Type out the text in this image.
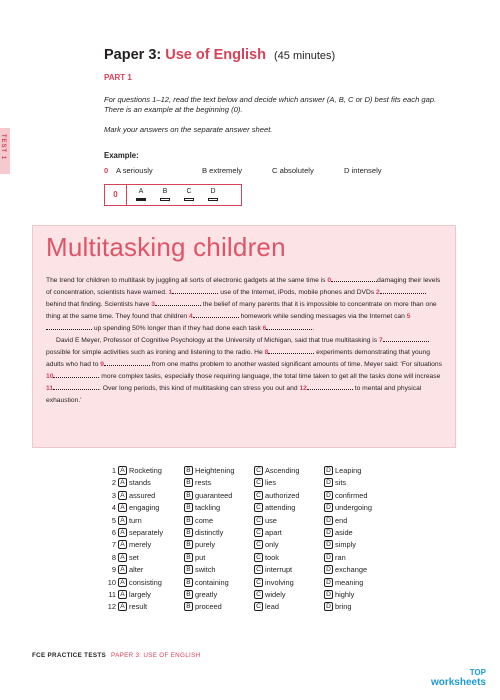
TEST 1
Paper 3: Use of English (45 minutes)
PART 1
For questions 1–12, read the text below and decide which answer (A, B, C or D) best fits each gap. There is an example at the beginning (0).
Mark your answers on the separate answer sheet.
Example:
0	A seriously	B extremely	C absolutely	D intensely
0	A	B	C	D
Multitasking children

The trend for children to multitask by juggling all sorts of electronic gadgets at the same time is 0	damaging their levels of concentration, scientists have warned. 1	use of the Internet, iPods, mobile phones and DVDs 2 behind that finding. Scientists have 3	the belief of many parents that it is impossible to concentrate on more than one thing at the same time. They found that children 4	homework while sending messages via the Internet can 5 up spending 50% longer than if they had done each task 6	.

David E Meyer, Professor of Cognitive Psychology at the University of Michigan, said that true multitasking is 7 possible for simple activities such as ironing and listening to the radio. He 8	experiments demonstrating that young adults who had to 9	from one maths problem to another wasted significant amounts of time. Meyer said: 'For situations 10	more complex tasks, especially those requiring language, the total time taken to get all the tasks done will increase 11	. Over long periods, this kind of multitasking can stress you out and 12	to mental and physical exhaustion.'

1 A Rocketing	B Heightening	C Ascending	D Leaping
2 A stands	B rests	C lies	D sits
3 A assured	B guaranteed	C authorized	D confirmed
4 A engaging	B tackling	C attending	D undergoing
5 A turn	B come	C use	D end
6 A separately	B distinctly	C apart	D aside
7 A merely	B purely	C only	D simply
8 A set	B put	C took	D ran
9 A alter	B switch	C interrupt	D exchange
10 A consisting	B containing	C involving	D meaning
11 A largely	B greatly	C widely	D highly
12 A result	B proceed	C lead	D bring
FCE PRACTICE TESTS PAPER 3: USE OF ENGLISH
TOP
worksheets
